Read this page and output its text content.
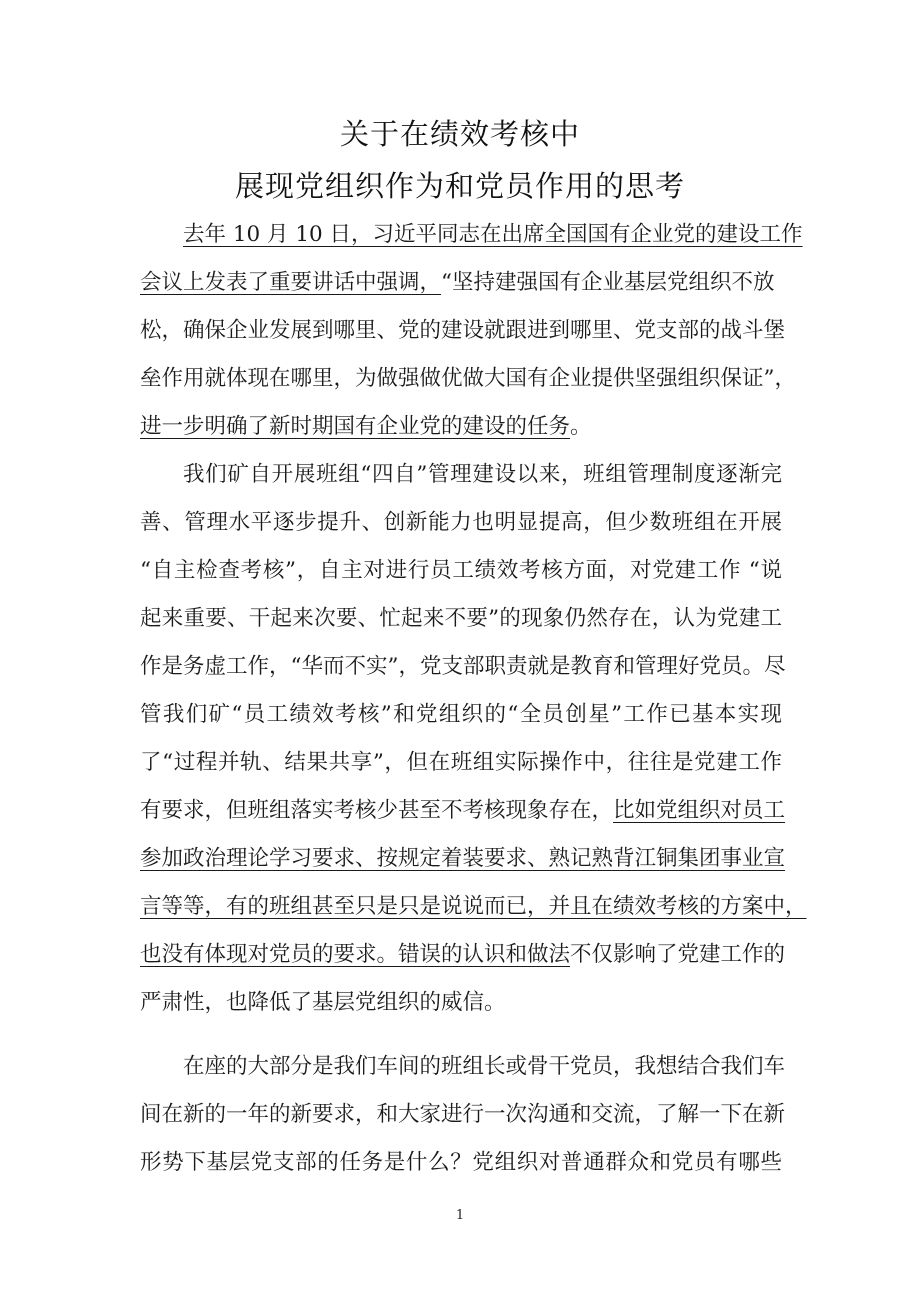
关于在绩效考核中
展现党组织作为和党员作用的思考
去年 10 月 10 日，习近平同志在出席全国国有企业党的建设工作
会议上发表了重要讲话中强调，“坚持建强国有企业基层党组织不放
松，确保企业发展到哪里、党的建设就跟进到哪里、党支部的战斗堡
垒作用就体现在哪里，为做强做优做大国有企业提供坚强组织保证”，
进一步明确了新时期国有企业党的建设的任务。
我们矿自开展班组“四自”管理建设以来，班组管理制度逐渐完
善、管理水平逐步提升、创新能力也明显提高，但少数班组在开展
“自主检查考核”，自主对进行员工绩效考核方面，对党建工作 “说
起来重要、干起来次要、忙起来不要”的现象仍然存在，认为党建工
作是务虚工作，“华而不实”，党支部职责就是教育和管理好党员。尽
管我们矿“员工绩效考核”和党组织的“全员创星”工作已基本实现
了“过程并轨、结果共享”，但在班组实际操作中，往往是党建工作
有要求，但班组落实考核少甚至不考核现象存在，比如党组织对员工
参加政治理论学习要求、按规定着装要求、熟记熟背江铜集团事业宣
言等等，有的班组甚至只是只是说说而已，并且在绩效考核的方案中，
也没有体现对党员的要求。错误的认识和做法不仅影响了党建工作的
严肃性，也降低了基层党组织的威信。
在座的大部分是我们车间的班组长或骨干党员，我想结合我们车
间在新的一年的新要求，和大家进行一次沟通和交流，了解一下在新
形势下基层党支部的任务是什么？党组织对普通群众和党员有哪些
1
